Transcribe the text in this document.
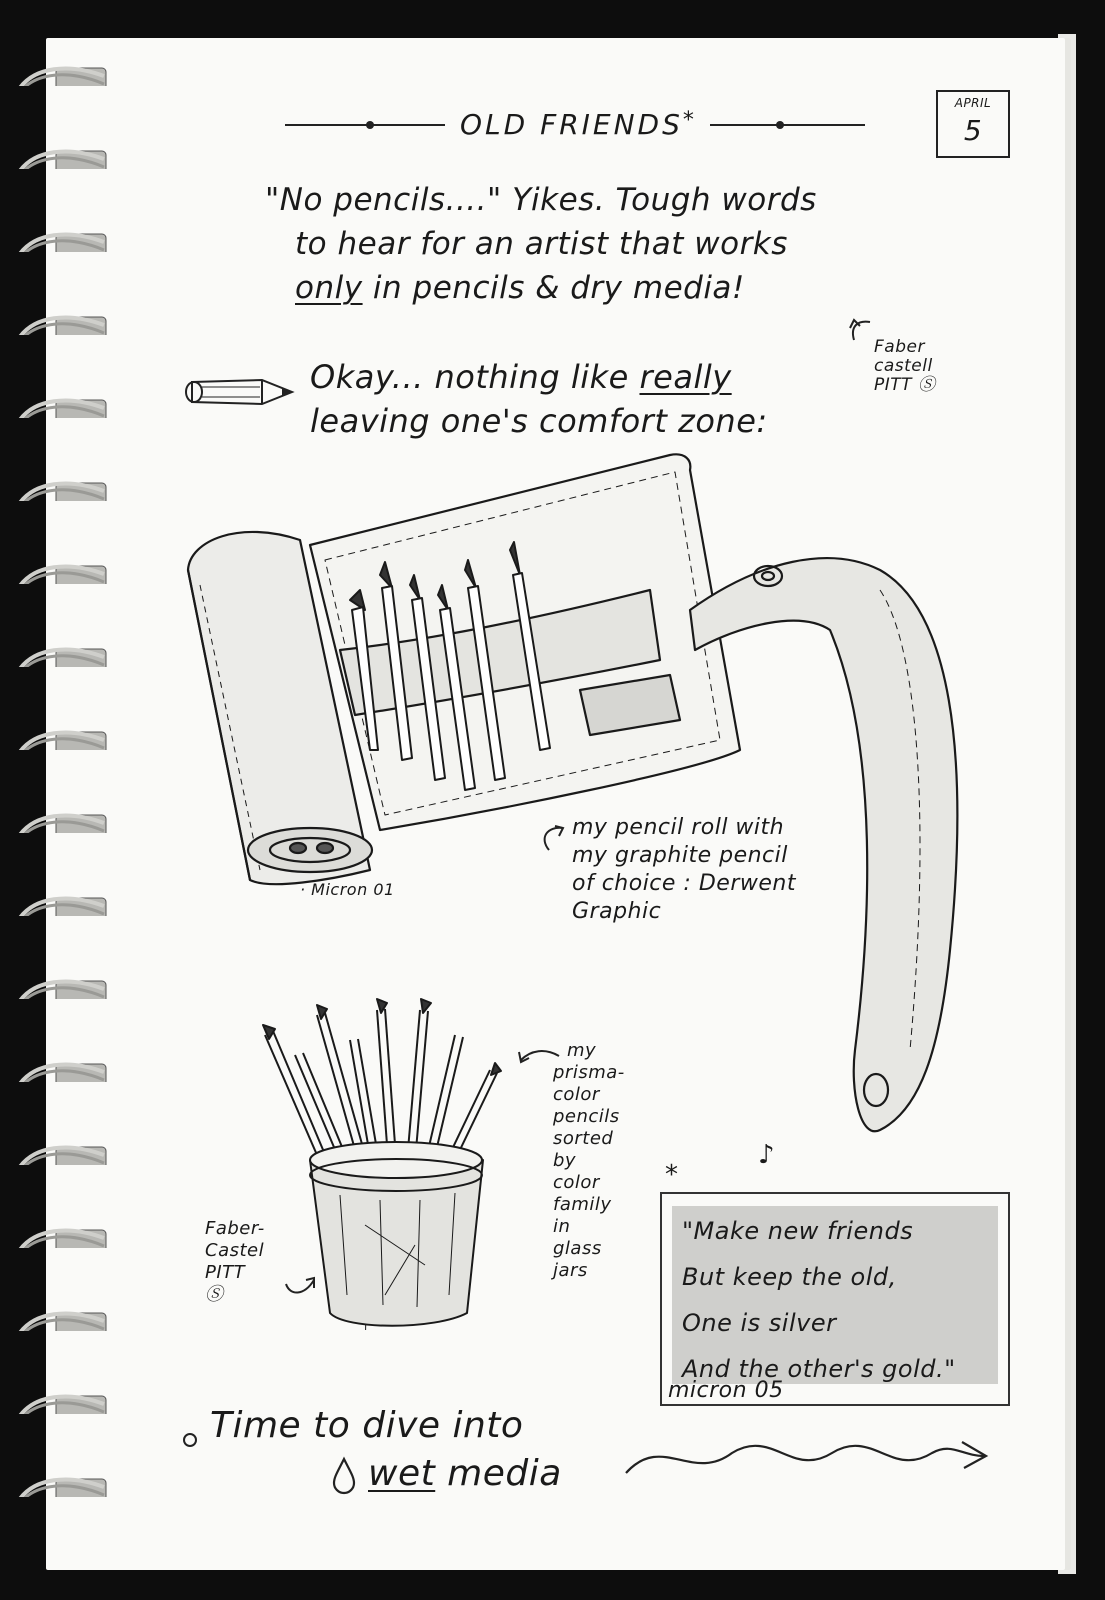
OLD FRIENDS*
APRIL
5
"No pencils...." Yikes. Tough words
to hear for an artist that works
only in pencils & dry media!
Okay... nothing like really
leaving one's comfort zone:
Faber
castell
PITT Ⓢ
· Micron 01
my pencil roll with
my graphite pencil
of choice : Derwent
Graphic
Faber-
Castel
PITT
Ⓢ
my
prisma-
color
pencils
sorted
by
color
family
in
glass
jars
*
♪
"Make new friends
But keep the old,
One is silver
And the other's gold."
micron 05
Time to dive into
wet media
